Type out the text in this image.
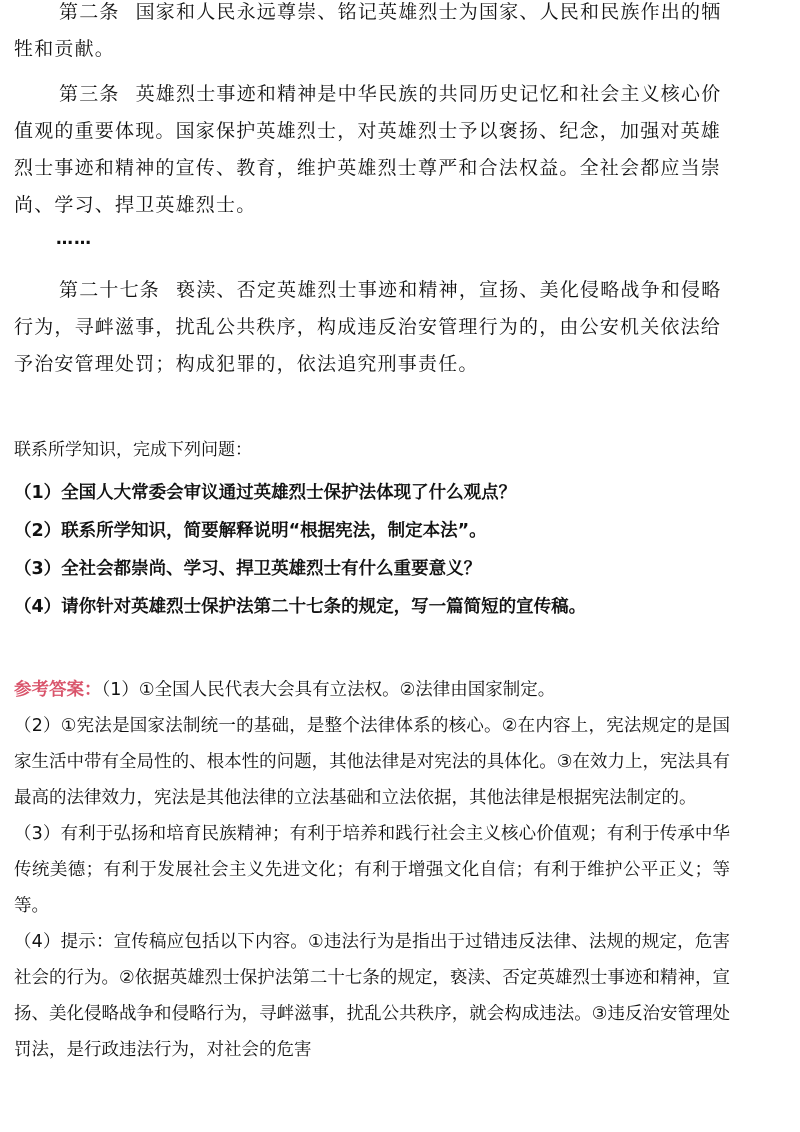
第二条 国家和人民永远尊崇、铭记英雄烈士为国家、人民和民族作出的牺牲和贡献。

第三条 英雄烈士事迹和精神是中华民族的共同历史记忆和社会主义核心价值观的重要体现。国家保护英雄烈士，对英雄烈士予以褒扬、纪念，加强对英雄烈士事迹和精神的宣传、教育，维护英雄烈士尊严和合法权益。全社会都应当崇尚、学习、捍卫英雄烈士。

……

第二十七条 亵渎、否定英雄烈士事迹和精神，宣扬、美化侵略战争和侵略行为，寻衅滋事，扰乱公共秩序，构成违反治安管理行为的，由公安机关依法给予治安管理处罚；构成犯罪的，依法追究刑事责任。

联系所学知识，完成下列问题：

（1）全国人大常委会审议通过英雄烈士保护法体现了什么观点？
（2）联系所学知识，简要解释说明“根据宪法，制定本法”。
（3）全社会都崇尚、学习、捍卫英雄烈士有什么重要意义？
（4）请你针对英雄烈士保护法第二十七条的规定，写一篇简短的宣传稿。

参考答案：（1）①全国人民代表大会具有立法权。②法律由国家制定。

（2）①宪法是国家法制统一的基础，是整个法律体系的核心。②在内容上，宪法规定的是国家生活中带有全局性的、根本性的问题，其他法律是对宪法的具体化。③在效力上，宪法具有最高的法律效力，宪法是其他法律的立法基础和立法依据，其他法律是根据宪法制定的。

（3）有利于弘扬和培育民族精神；有利于培养和践行社会主义核心价值观；有利于传承中华传统美德；有利于发展社会主义先进文化；有利于增强文化自信；有利于维护公平正义；等等。

（4）提示：宣传稿应包括以下内容。①违法行为是指出于过错违反法律、法规的规定，危害社会的行为。②依据英雄烈士保护法第二十七条的规定，亵渎、否定英雄烈士事迹和精神，宣扬、美化侵略战争和侵略行为，寻衅滋事，扰乱公共秩序，就会构成违法。③违反治安管理处罚法，是行政违法行为，对社会的危害
